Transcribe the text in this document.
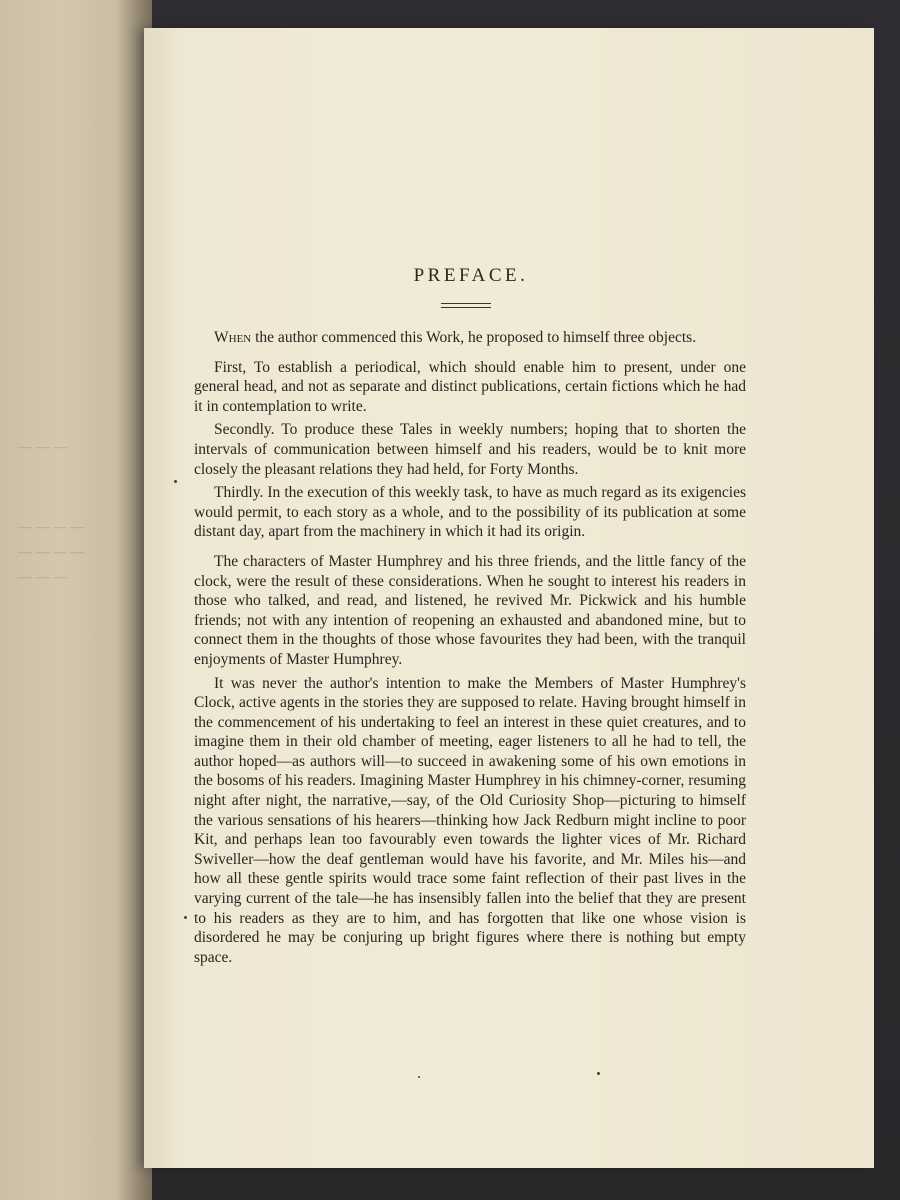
— — —
— — — —
— — — —
— — —
PREFACE.

When the author commenced this Work, he proposed to himself three objects.

First, To establish a periodical, which should enable him to present, under one general head, and not as separate and distinct publications, certain fictions which he had it in contemplation to write.

Secondly. To produce these Tales in weekly numbers; hoping that to shorten the intervals of communication between himself and his readers, would be to knit more closely the pleasant relations they had held, for Forty Months.

Thirdly. In the execution of this weekly task, to have as much regard as its exigencies would permit, to each story as a whole, and to the possibility of its publication at some distant day, apart from the machinery in which it had its origin.

The characters of Master Humphrey and his three friends, and the little fancy of the clock, were the result of these considerations. When he sought to interest his readers in those who talked, and read, and listened, he revived Mr. Pickwick and his humble friends; not with any intention of reopening an exhausted and abandoned mine, but to connect them in the thoughts of those whose favourites they had been, with the tranquil enjoyments of Master Humphrey.

It was never the author's intention to make the Members of Master Humphrey's Clock, active agents in the stories they are supposed to relate. Having brought himself in the commencement of his undertaking to feel an interest in these quiet creatures, and to imagine them in their old chamber of meeting, eager listeners to all he had to tell, the author hoped—as authors will—to succeed in awakening some of his own emotions in the bosoms of his readers. Imagining Master Humphrey in his chimney-corner, resuming night after night, the narrative,—say, of the Old Curiosity Shop—picturing to himself the various sensations of his hearers—thinking how Jack Redburn might incline to poor Kit, and perhaps lean too favourably even towards the lighter vices of Mr. Richard Swiveller—how the deaf gentleman would have his favorite, and Mr. Miles his—and how all these gentle spirits would trace some faint reflection of their past lives in the varying current of the tale—he has insensibly fallen into the belief that they are present to his readers as they are to him, and has forgotten that like one whose vision is disordered he may be conjuring up bright figures where there is nothing but empty space.
